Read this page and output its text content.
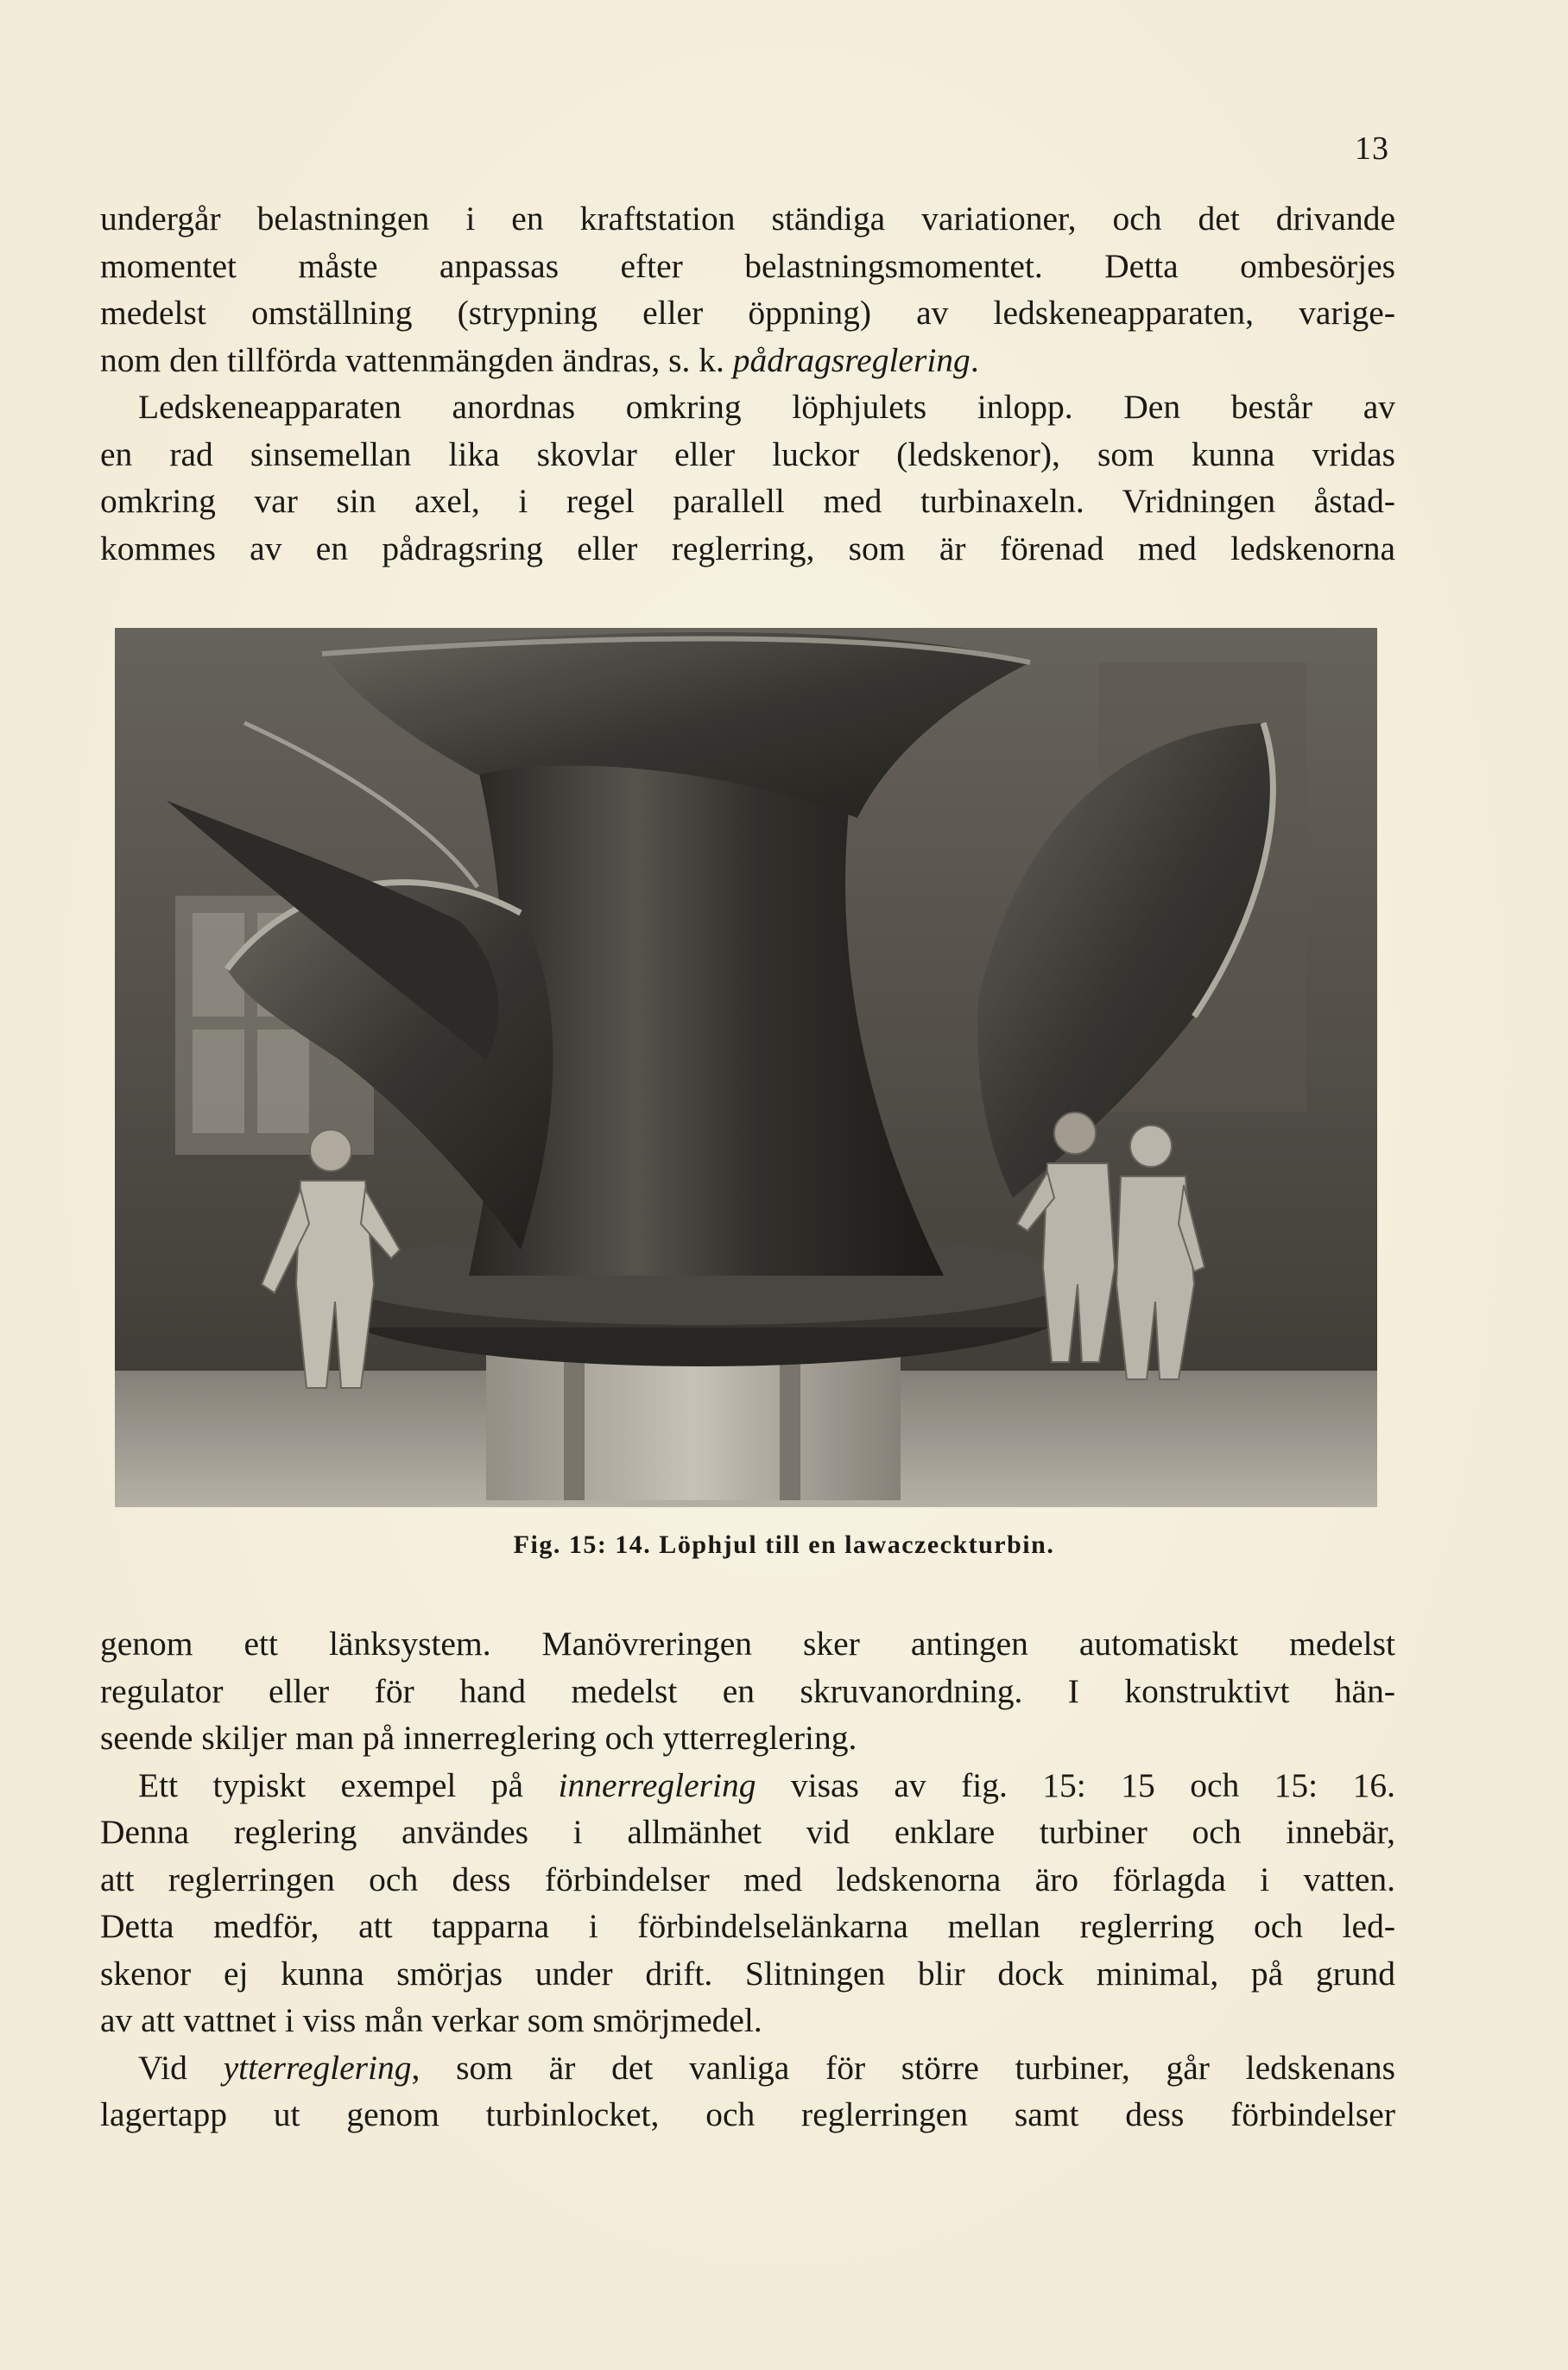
13

undergår belastningen i en kraftstation ständiga variationer, och det drivande

momentet måste anpassas efter belastningsmomentet. Detta ombesörjes

medelst omställning (strypning eller öppning) av ledskeneapparaten, varige-

nom den tillförda vattenmängden ändras, s. k. pådragsreglering.

Ledskeneapparaten anordnas omkring löphjulets inlopp. Den består av

en rad sinsemellan lika skovlar eller luckor (ledskenor), som kunna vridas

omkring var sin axel, i regel parallell med turbinaxeln. Vridningen åstad-

kommes av en pådragsring eller reglerring, som är förenad med ledskenorna

Fig. 15: 14. Löphjul till en lawaczeckturbin.

genom ett länksystem. Manövreringen sker antingen automatiskt medelst

regulator eller för hand medelst en skruvanordning. I konstruktivt hän-

seende skiljer man på innerreglering och ytterreglering.

Ett typiskt exempel på innerreglering visas av fig. 15: 15 och 15: 16.

Denna reglering användes i allmänhet vid enklare turbiner och innebär,

att reglerringen och dess förbindelser med ledskenorna äro förlagda i vatten.

Detta medför, att tapparna i förbindelselänkarna mellan reglerring och led-

skenor ej kunna smörjas under drift. Slitningen blir dock minimal, på grund

av att vattnet i viss mån verkar som smörjmedel.

Vid ytterreglering, som är det vanliga för större turbiner, går ledskenans

lagertapp ut genom turbinlocket, och reglerringen samt dess förbindelser
